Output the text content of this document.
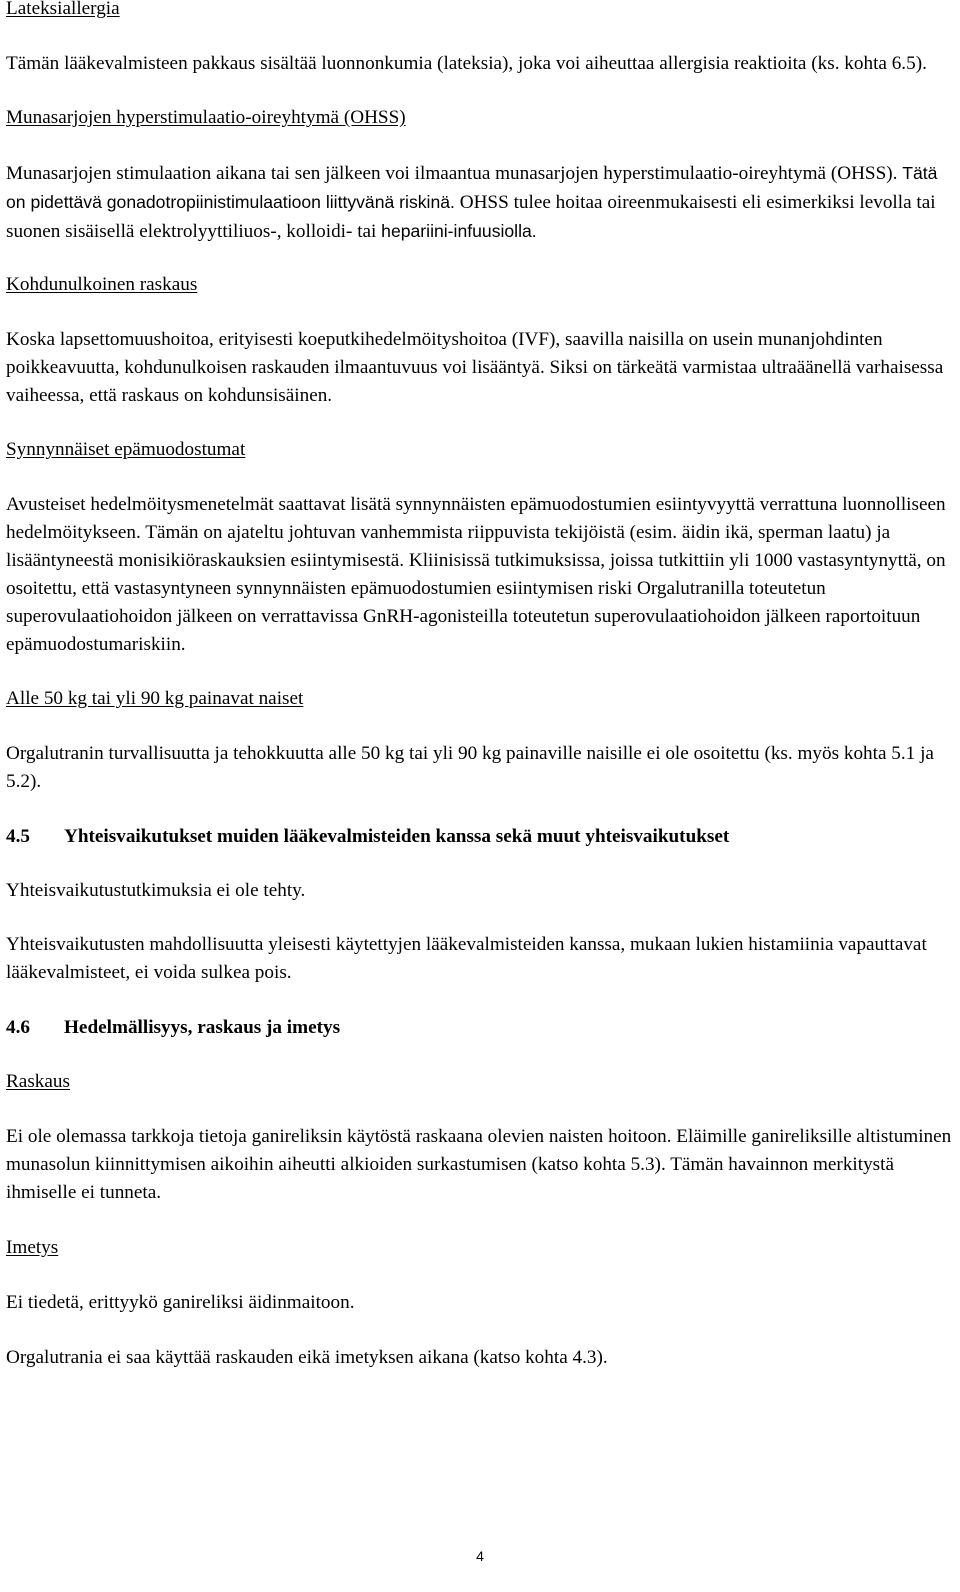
Lateksiallergia

Tämän lääkevalmisteen pakkaus sisältää luonnonkumia (lateksia), joka voi aiheuttaa allergisia reaktioita (ks. kohta 6.5).

Munasarjojen hyperstimulaatio-oireyhtymä (OHSS)

Munasarjojen stimulaation aikana tai sen jälkeen voi ilmaantua munasarjojen hyperstimulaatio-oireyhtymä (OHSS). Tätä on pidettävä gonadotropiinistimulaatioon liittyvänä riskinä. OHSS tulee hoitaa oireenmukaisesti eli esimerkiksi levolla tai suonen sisäisellä elektrolyyttiliuos-, kolloidi- tai hepariini-infuusiolla.

Kohdunulkoinen raskaus

Koska lapsettomuushoitoa, erityisesti koeputkihedelmöityshoitoa (IVF), saavilla naisilla on usein munanjohdinten poikkeavuutta, kohdunulkoisen raskauden ilmaantuvuus voi lisääntyä. Siksi on tärkeätä varmistaa ultraäänellä varhaisessa vaiheessa, että raskaus on kohdunsisäinen.

Synnynnäiset epämuodostumat

Avusteiset hedelmöitysmenetelmät saattavat lisätä synnynnäisten epämuodostumien esiintyvyyttä verrattuna luonnolliseen hedelmöitykseen. Tämän on ajateltu johtuvan vanhemmista riippuvista tekijöistä (esim. äidin ikä, sperman laatu) ja lisääntyneestä monisikiöraskauksien esiintymisestä. Kliinisissä tutkimuksissa, joissa tutkittiin yli 1000 vastasyntynyttä, on osoitettu, että vastasyntyneen synnynnäisten epämuodostumien esiintymisen riski Orgalutranilla toteutetun superovulaatiohoidon jälkeen on verrattavissa GnRH-agonisteilla toteutetun superovulaatiohoidon jälkeen raportoituun epämuodostumariskiin.

Alle 50 kg tai yli 90 kg painavat naiset

Orgalutranin turvallisuutta ja tehokkuutta alle 50 kg tai yli 90 kg painaville naisille ei ole osoitettu (ks. myös kohta 5.1 ja 5.2).

4.5	Yhteisvaikutukset muiden lääkevalmisteiden kanssa sekä muut yhteisvaikutukset

Yhteisvaikutustutkimuksia ei ole tehty.

Yhteisvaikutusten mahdollisuutta yleisesti käytettyjen lääkevalmisteiden kanssa, mukaan lukien histamiinia vapauttavat lääkevalmisteet, ei voida sulkea pois.

4.6	Hedelmällisyys, raskaus ja imetys

Raskaus

Ei ole olemassa tarkkoja tietoja ganireliksin käytöstä raskaana olevien naisten hoitoon. Eläimille ganireliksille altistuminen munasolun kiinnittymisen aikoihin aiheutti alkioiden surkastumisen (katso kohta 5.3). Tämän havainnon merkitystä ihmiselle ei tunneta.

Imetys

Ei tiedetä, erittyykö ganireliksi äidinmaitoon.

Orgalutrania ei saa käyttää raskauden eikä imetyksen aikana (katso kohta 4.3).

4
